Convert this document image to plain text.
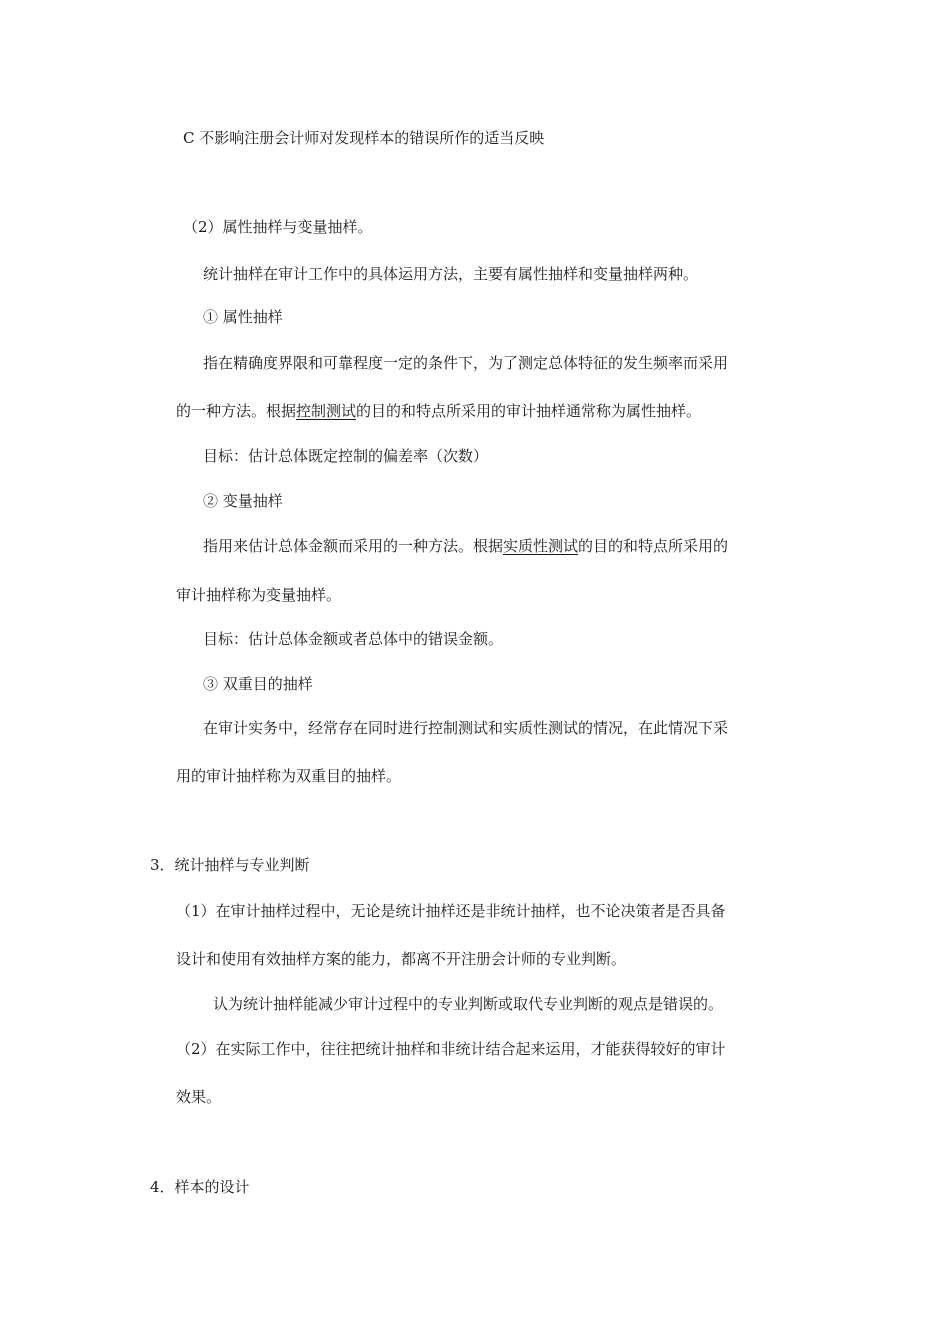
C 不影响注册会计师对发现样本的错误所作的适当反映
（2）属性抽样与变量抽样。
统计抽样在审计工作中的具体运用方法，主要有属性抽样和变量抽样两种。
① 属性抽样
指在精确度界限和可靠程度一定的条件下，为了测定总体特征的发生频率而采用
的一种方法。根据控制测试的目的和特点所采用的审计抽样通常称为属性抽样。
目标：估计总体既定控制的偏差率（次数）
② 变量抽样
指用来估计总体金额而采用的一种方法。根据实质性测试的目的和特点所采用的
审计抽样称为变量抽样。
目标：估计总体金额或者总体中的错误金额。
③ 双重目的抽样
在审计实务中，经常存在同时进行控制测试和实质性测试的情况，在此情况下采
用的审计抽样称为双重目的抽样。
3．统计抽样与专业判断
（1）在审计抽样过程中，无论是统计抽样还是非统计抽样，也不论决策者是否具备
设计和使用有效抽样方案的能力，都离不开注册会计师的专业判断。
认为统计抽样能减少审计过程中的专业判断或取代专业判断的观点是错误的。
（2）在实际工作中，往往把统计抽样和非统计结合起来运用，才能获得较好的审计
效果。
4．样本的设计
